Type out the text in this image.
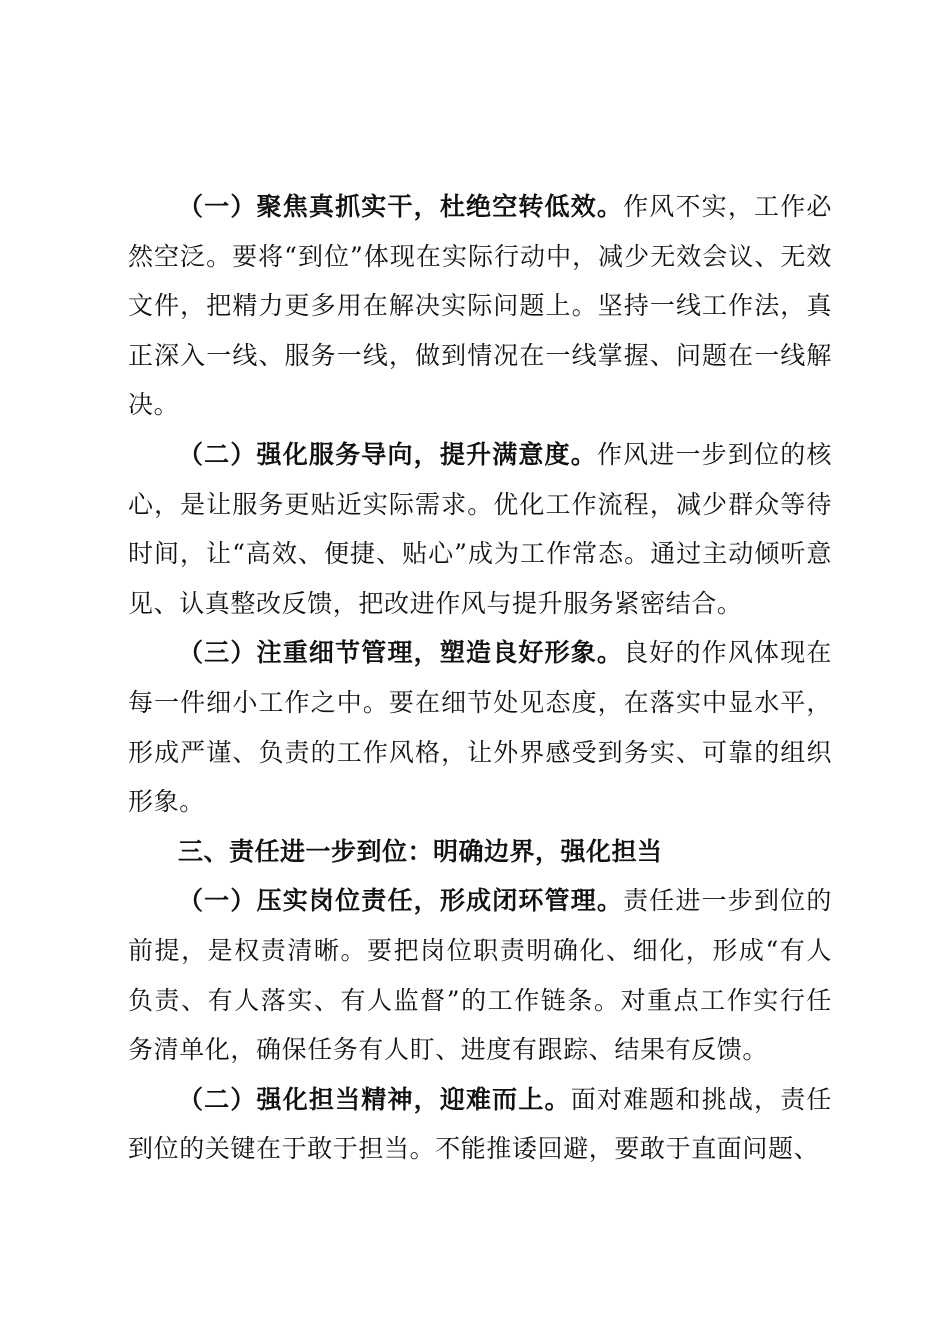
（一）聚焦真抓实干，杜绝空转低效。作风不实，工作必然空泛。要将“到位”体现在实际行动中，减少无效会议、无效文件，把精力更多用在解决实际问题上。坚持一线工作法，真正深入一线、服务一线，做到情况在一线掌握、问题在一线解决。

（二）强化服务导向，提升满意度。作风进一步到位的核心，是让服务更贴近实际需求。优化工作流程，减少群众等待时间，让“高效、便捷、贴心”成为工作常态。通过主动倾听意见、认真整改反馈，把改进作风与提升服务紧密结合。

（三）注重细节管理，塑造良好形象。良好的作风体现在每一件细小工作之中。要在细节处见态度，在落实中显水平，形成严谨、负责的工作风格，让外界感受到务实、可靠的组织形象。

三、责任进一步到位：明确边界，强化担当

（一）压实岗位责任，形成闭环管理。责任进一步到位的前提，是权责清晰。要把岗位职责明确化、细化，形成“有人负责、有人落实、有人监督”的工作链条。对重点工作实行任务清单化，确保任务有人盯、进度有跟踪、结果有反馈。

（二）强化担当精神，迎难而上。面对难题和挑战，责任到位的关键在于敢于担当。不能推诿回避，要敢于直面问题、
